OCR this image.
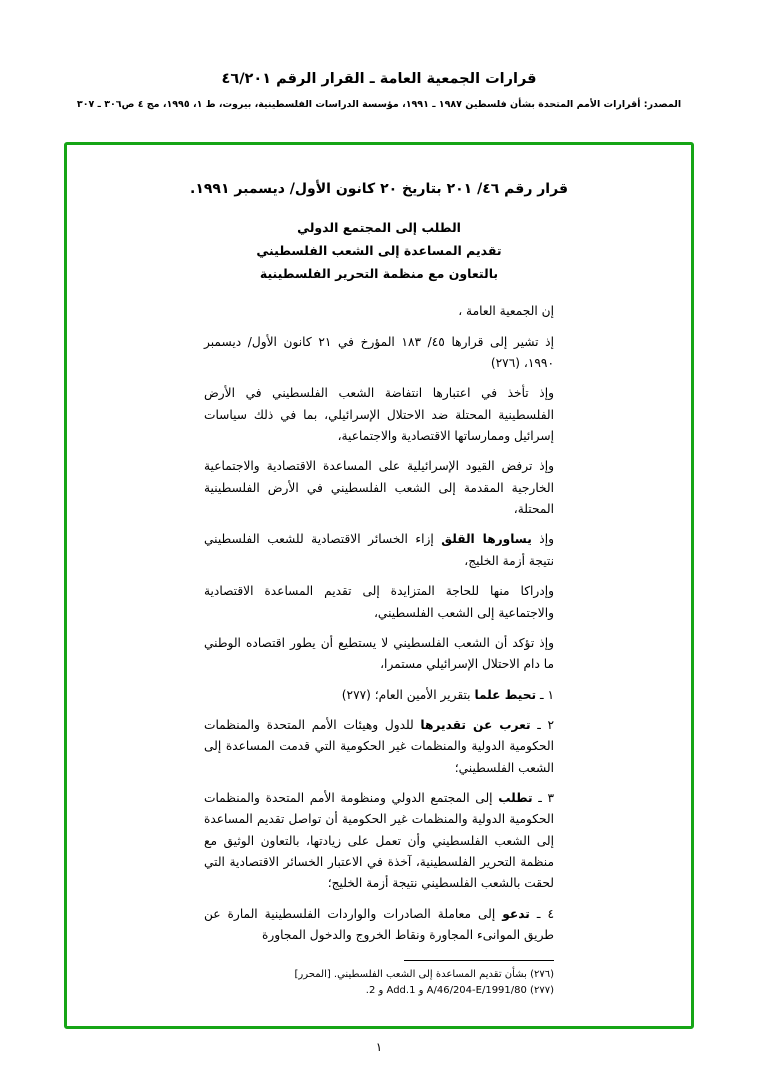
قرارات الجمعية العامة ـ القرار الرقم ٤٦/٢٠١
المصدر: أقرارات الأمم المتحدة بشأن فلسطين ١٩٨٧ ـ ١٩٩١، مؤسسة الدراسات الفلسطينية، بيروت، ط ١، ١٩٩٥، مج ٤ ص٣٠٦ ـ ٣٠٧
قرار رقم ٤٦/ ٢٠١ بتاريخ ٢٠ كانون الأول/ ديسمبر ١٩٩١.
الطلب إلى المجتمع الدولي
تقديم المساعدة إلى الشعب الفلسطيني
بالتعاون مع منظمة التحرير الفلسطينية

إن الجمعية العامة ،

إذ تشير إلى قرارها ٤٥/ ١٨٣ المؤرخ في ٢١ كانون الأول/ ديسمبر ١٩٩٠، (٢٧٦)

وإذ تأخذ في اعتبارها انتفاضة الشعب الفلسطيني في الأرض الفلسطينية المحتلة ضد الاحتلال الإسرائيلي، بما في ذلك سياسات إسرائيل وممارساتها الاقتصادية والاجتماعية،

وإذ ترفض القيود الإسرائيلية على المساعدة الاقتصادية والاجتماعية الخارجية المقدمة إلى الشعب الفلسطيني في الأرض الفلسطينية المحتلة،

وإذ يساورها القلق إزاء الخسائر الاقتصادية للشعب الفلسطيني نتيجة أزمة الخليج،

وإدراكا منها للحاجة المتزايدة إلى تقديم المساعدة الاقتصادية والاجتماعية إلى الشعب الفلسطيني،

وإذ تؤكد أن الشعب الفلسطيني لا يستطيع أن يطور اقتصاده الوطني ما دام الاحتلال الإسرائيلي مستمرا،

١ ـ تحيط علما بتقرير الأمين العام؛ (٢٧٧)

٢ ـ تعرب عن تقديرها للدول وهيئات الأمم المتحدة والمنظمات الحكومية الدولية والمنظمات غير الحكومية التي قدمت المساعدة إلى الشعب الفلسطيني؛

٣ ـ تطلب إلى المجتمع الدولي ومنظومة الأمم المتحدة والمنظمات الحكومية الدولية والمنظمات غير الحكومية أن تواصل تقديم المساعدة إلى الشعب الفلسطيني وأن تعمل على زيادتها، بالتعاون الوثيق مع منظمة التحرير الفلسطينية، آخذة في الاعتبار الخسائر الاقتصادية التي لحقت بالشعب الفلسطيني نتيجة أزمة الخليج؛

٤ ـ تدعو إلى معاملة الصادرات والواردات الفلسطينية المارة عن طريق الموانىء المجاورة ونقاط الخروج والدخول المجاورة

(٢٧٦) بشأن تقديم المساعدة إلى الشعب الفلسطيني. [المحرر]

(٢٧٧) A/46/204-E/1991/80 و Add.1 و 2.

١
